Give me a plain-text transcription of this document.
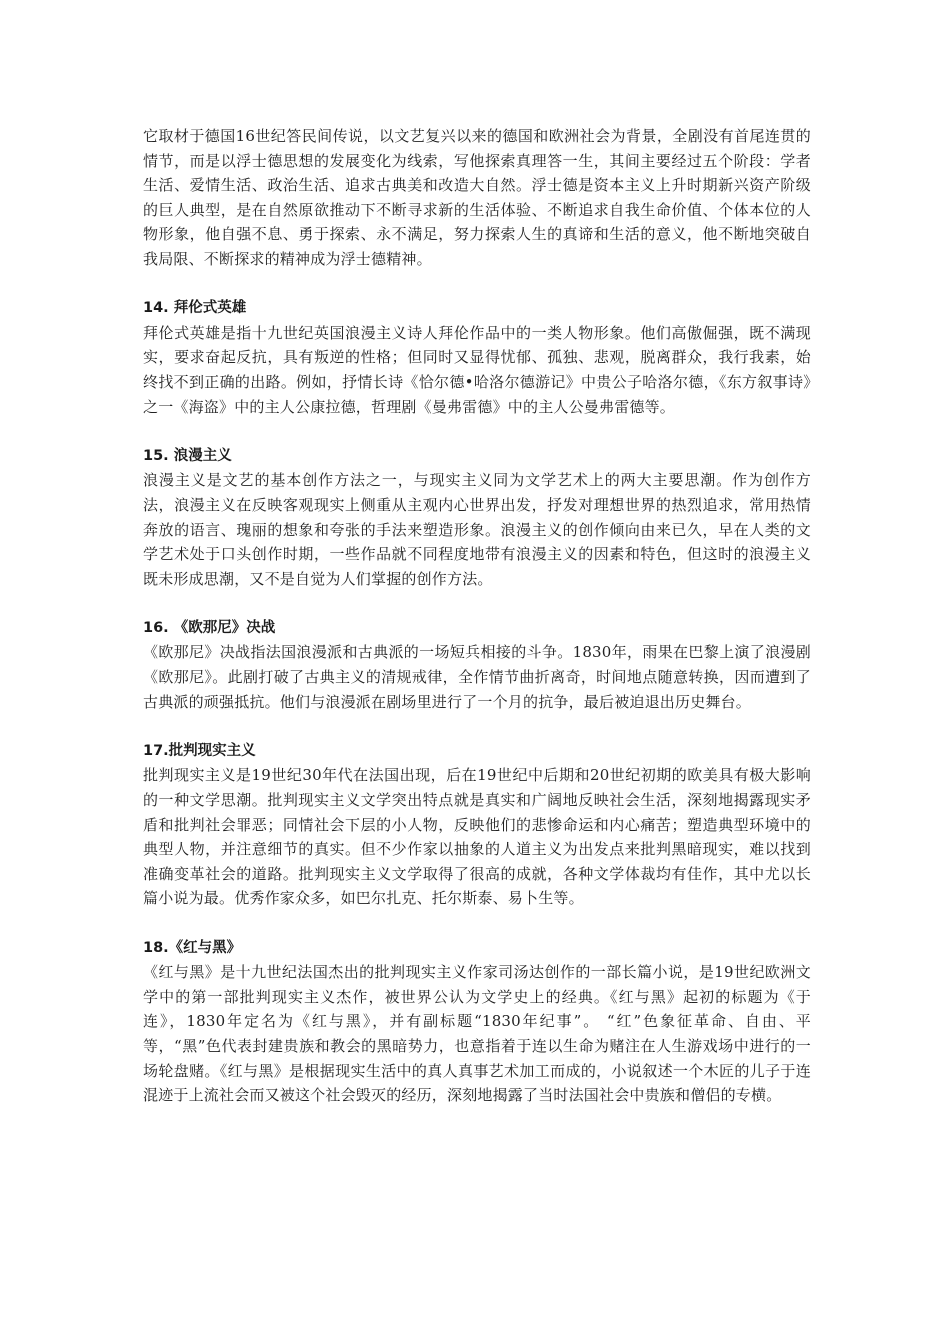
它取材于德国16世纪答民间传说，以文艺复兴以来的德国和欧洲社会为背景，全剧没有首尾连贯的情节，而是以浮士德思想的发展变化为线索，写他探索真理答一生，其间主要经过五个阶段：学者生活、爱情生活、政治生活、追求古典美和改造大自然。浮士德是资本主义上升时期新兴资产阶级的巨人典型，是在自然原欲推动下不断寻求新的生活体验、不断追求自我生命价值、个体本位的人物形象，他自强不息、勇于探索、永不满足，努力探索人生的真谛和生活的意义，他不断地突破自我局限、不断探求的精神成为浮士德精神。

14. 拜伦式英雄

拜伦式英雄是指十九世纪英国浪漫主义诗人拜伦作品中的一类人物形象。他们高傲倔强，既不满现实，要求奋起反抗，具有叛逆的性格；但同时又显得忧郁、孤独、悲观，脱离群众，我行我素，始终找不到正确的出路。例如，抒情长诗《恰尔德•哈洛尔德游记》中贵公子哈洛尔德，《东方叙事诗》之一《海盗》中的主人公康拉德，哲理剧《曼弗雷德》中的主人公曼弗雷德等。

15. 浪漫主义

浪漫主义是文艺的基本创作方法之一，与现实主义同为文学艺术上的两大主要思潮。作为创作方法，浪漫主义在反映客观现实上侧重从主观内心世界出发，抒发对理想世界的热烈追求，常用热情奔放的语言、瑰丽的想象和夸张的手法来塑造形象。浪漫主义的创作倾向由来已久，早在人类的文学艺术处于口头创作时期，一些作品就不同程度地带有浪漫主义的因素和特色，但这时的浪漫主义既未形成思潮，又不是自觉为人们掌握的创作方法。

16. 《欧那尼》决战

《欧那尼》决战指法国浪漫派和古典派的一场短兵相接的斗争。1830年，雨果在巴黎上演了浪漫剧《欧那尼》。此剧打破了古典主义的清规戒律，全作情节曲折离奇，时间地点随意转换，因而遭到了古典派的顽强抵抗。他们与浪漫派在剧场里进行了一个月的抗争，最后被迫退出历史舞台。

17.批判现实主义

批判现实主义是19世纪30年代在法国出现，后在19世纪中后期和20世纪初期的欧美具有极大影响的一种文学思潮。批判现实主义文学突出特点就是真实和广阔地反映社会生活，深刻地揭露现实矛盾和批判社会罪恶；同情社会下层的小人物，反映他们的悲惨命运和内心痛苦；塑造典型环境中的典型人物，并注意细节的真实。但不少作家以抽象的人道主义为出发点来批判黑暗现实，难以找到准确变革社会的道路。批判现实主义文学取得了很高的成就，各种文学体裁均有佳作，其中尤以长篇小说为最。优秀作家众多，如巴尔扎克、托尔斯泰、易卜生等。

18.《红与黑》

《红与黑》是十九世纪法国杰出的批判现实主义作家司汤达创作的一部长篇小说，是19世纪欧洲文学中的第一部批判现实主义杰作，被世界公认为文学史上的经典。《红与黑》起初的标题为《于连》，1830年定名为《红与黑》，并有副标题“1830年纪事”。 “红”色象征革命、自由、平等，“黑”色代表封建贵族和教会的黑暗势力，也意指着于连以生命为赌注在人生游戏场中进行的一场轮盘赌。《红与黑》是根据现实生活中的真人真事艺术加工而成的，小说叙述一个木匠的儿子于连混迹于上流社会而又被这个社会毁灭的经历，深刻地揭露了当时法国社会中贵族和僧侣的专横。
